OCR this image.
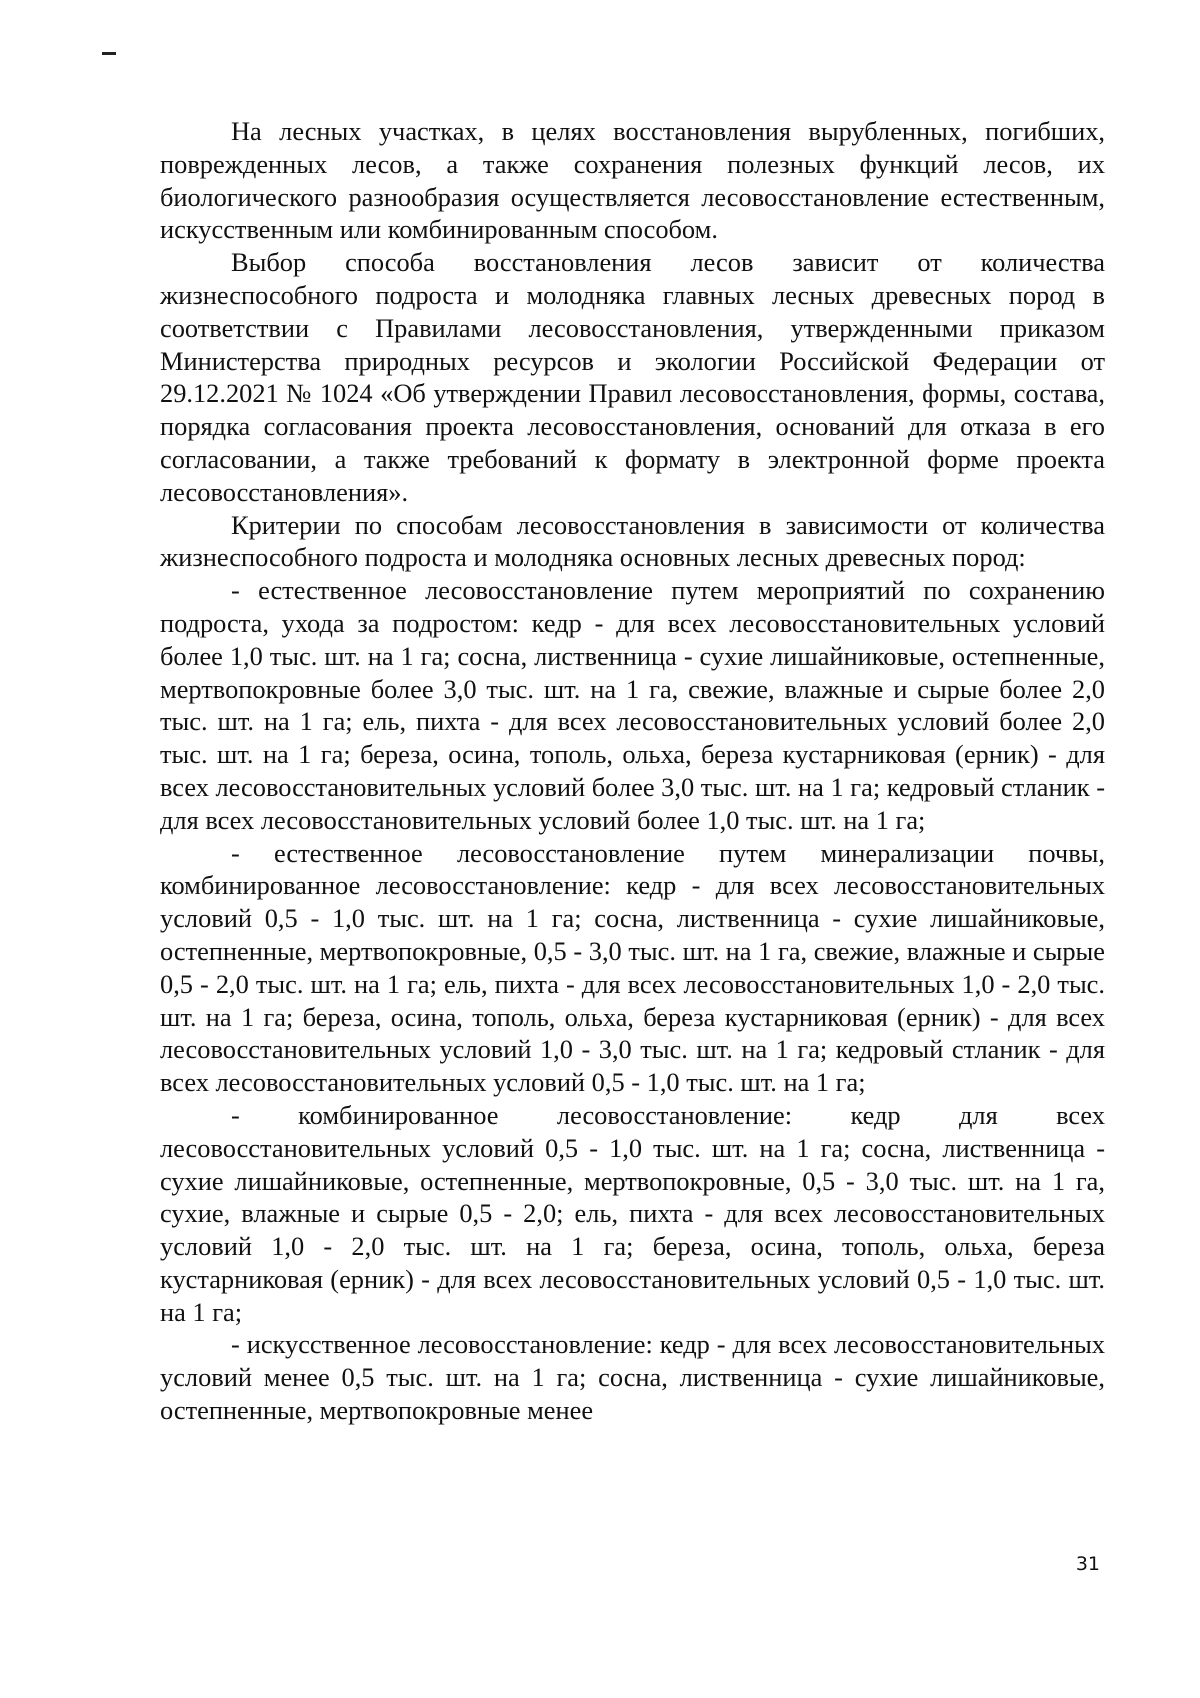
На лесных участках, в целях восстановления вырубленных, погибших, поврежденных лесов, а также сохранения полезных функций лесов, их биологического разнообразия осуществляется лесовосстановление естественным, искусственным или комбинированным способом.

Выбор способа восстановления лесов зависит от количества жизнеспособного подроста и молодняка главных лесных древесных пород в соответствии с Правилами лесовосстановления, утвержденными приказом Министерства природных ресурсов и экологии Российской Федерации от 29.12.2021 № 1024 «Об утверждении Правил лесовосстановления, формы, состава, порядка согласования проекта лесовосстановления, оснований для отказа в его согласовании, а также требований к формату в электронной форме проекта лесовосстановления».

Критерии по способам лесовосстановления в зависимости от количества жизнеспособного подроста и молодняка основных лесных древесных пород:

- естественное лесовосстановление путем мероприятий по сохранению подроста, ухода за подростом: кедр - для всех лесовосстановительных условий более 1,0 тыс. шт. на 1 га; сосна, лиственница - сухие лишайниковые, остепненные, мертвопокровные более 3,0 тыс. шт. на 1 га, свежие, влажные и сырые более 2,0 тыс. шт. на 1 га; ель, пихта - для всех лесовосстановительных условий более 2,0 тыс. шт. на 1 га; береза, осина, тополь, ольха, береза кустарниковая (ерник) - для всех лесовосстановительных условий более 3,0 тыс. шт. на 1 га; кедровый стланик - для всех лесовосстановительных условий более 1,0 тыс. шт. на 1 га;

- естественное лесовосстановление путем минерализации почвы, комбинированное лесовосстановление: кедр - для всех лесовосстановительных условий 0,5 - 1,0 тыс. шт. на 1 га; сосна, лиственница - сухие лишайниковые, остепненные, мертвопокровные, 0,5 - 3,0 тыс. шт. на 1 га, свежие, влажные и сырые 0,5 - 2,0 тыс. шт. на 1 га; ель, пихта - для всех лесовосстановительных 1,0 - 2,0 тыс. шт. на 1 га; береза, осина, тополь, ольха, береза кустарниковая (ерник) - для всех лесовосстановительных условий 1,0 - 3,0 тыс. шт. на 1 га; кедровый стланик - для всех лесовосстановительных условий 0,5 - 1,0 тыс. шт. на 1 га;

- комбинированное лесовосстановление: кедр для всех лесовосстановительных условий 0,5 - 1,0 тыс. шт. на 1 га; сосна, лиственница - сухие лишайниковые, остепненные, мертвопокровные, 0,5 - 3,0 тыс. шт. на 1 га, сухие, влажные и сырые 0,5 - 2,0; ель, пихта - для всех лесовосстановительных условий 1,0 - 2,0 тыс. шт. на 1 га; береза, осина, тополь, ольха, береза кустарниковая (ерник) - для всех лесовосстановительных условий 0,5 - 1,0 тыс. шт. на 1 га;

- искусственное лесовосстановление: кедр - для всех лесовосстановительных условий менее 0,5 тыс. шт. на 1 га; сосна, лиственница - сухие лишайниковые, остепненные, мертвопокровные менее

31
